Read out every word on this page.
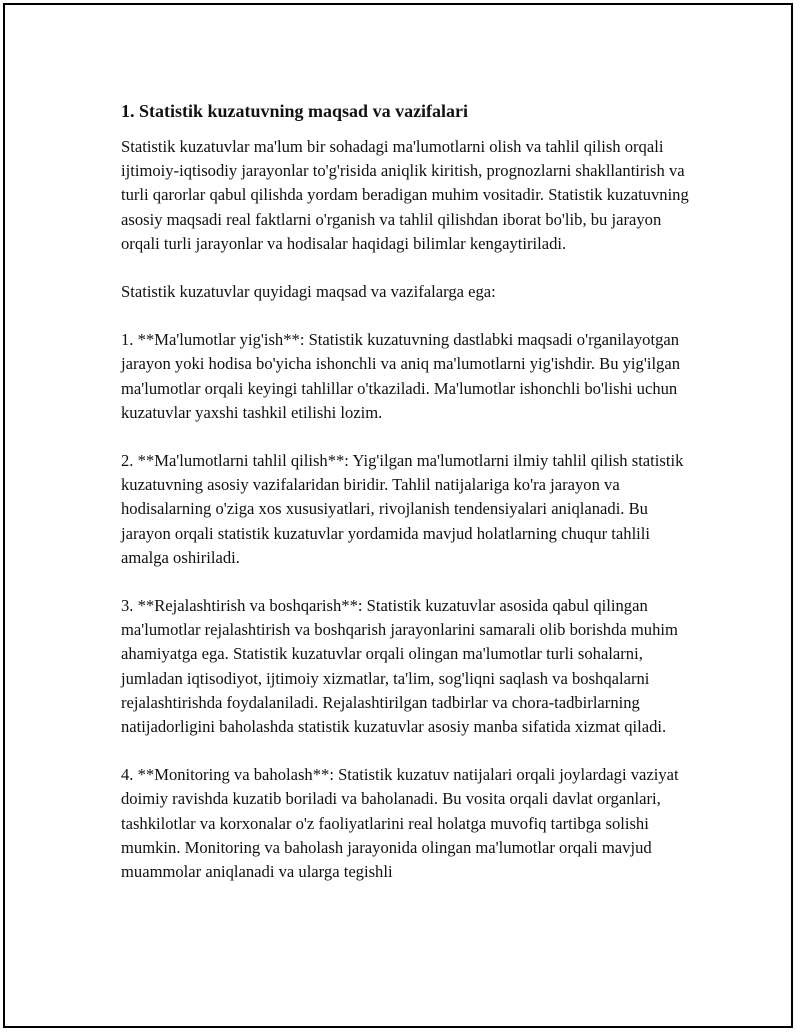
1. Statistik kuzatuvning maqsad va vazifalari

Statistik kuzatuvlar ma'lum bir sohadagi ma'lumotlarni olish va tahlil qilish orqali ijtimoiy-iqtisodiy jarayonlar to'g'risida aniqlik kiritish, prognozlarni shakllantirish va turli qarorlar qabul qilishda yordam beradigan muhim vositadir. Statistik kuzatuvning asosiy maqsadi real faktlarni o'rganish va tahlil qilishdan iborat bo'lib, bu jarayon orqali turli jarayonlar va hodisalar haqidagi bilimlar kengaytiriladi.

Statistik kuzatuvlar quyidagi maqsad va vazifalarga ega:

1. **Ma'lumotlar yig'ish**: Statistik kuzatuvning dastlabki maqsadi o'rganilayotgan jarayon yoki hodisa bo'yicha ishonchli va aniq ma'lumotlarni yig'ishdir. Bu yig'ilgan ma'lumotlar orqali keyingi tahlillar o'tkaziladi. Ma'lumotlar ishonchli bo'lishi uchun kuzatuvlar yaxshi tashkil etilishi lozim.

2. **Ma'lumotlarni tahlil qilish**: Yig'ilgan ma'lumotlarni ilmiy tahlil qilish statistik kuzatuvning asosiy vazifalaridan biridir. Tahlil natijalariga ko'ra jarayon va hodisalarning o'ziga xos xususiyatlari, rivojlanish tendensiyalari aniqlanadi. Bu jarayon orqali statistik kuzatuvlar yordamida mavjud holatlarning chuqur tahlili amalga oshiriladi.

3. **Rejalashtirish va boshqarish**: Statistik kuzatuvlar asosida qabul qilingan ma'lumotlar rejalashtirish va boshqarish jarayonlarini samarali olib borishda muhim ahamiyatga ega. Statistik kuzatuvlar orqali olingan ma'lumotlar turli sohalarni, jumladan iqtisodiyot, ijtimoiy xizmatlar, ta'lim, sog'liqni saqlash va boshqalarni rejalashtirishda foydalaniladi. Rejalashtirilgan tadbirlar va chora-tadbirlarning natijadorligini baholashda statistik kuzatuvlar asosiy manba sifatida xizmat qiladi.

4. **Monitoring va baholash**: Statistik kuzatuv natijalari orqali joylardagi vaziyat doimiy ravishda kuzatib boriladi va baholanadi. Bu vosita orqali davlat organlari, tashkilotlar va korxonalar o'z faoliyatlarini real holatga muvofiq tartibga solishi mumkin. Monitoring va baholash jarayonida olingan ma'lumotlar orqali mavjud muammolar aniqlanadi va ularga tegishli
